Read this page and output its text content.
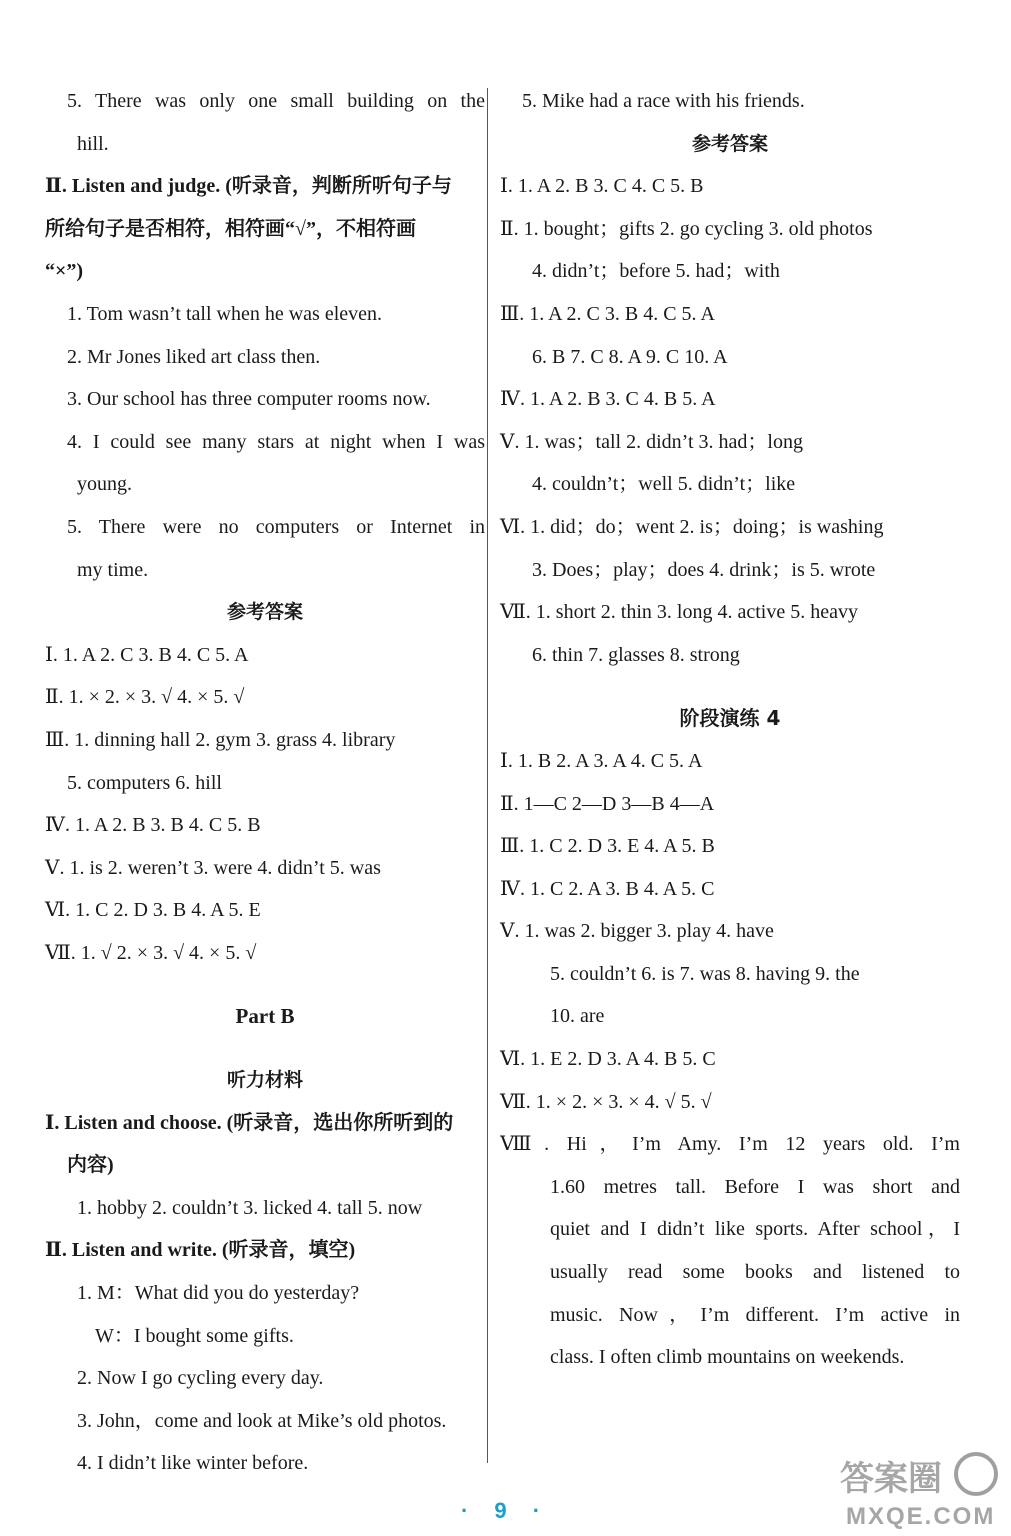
5. There was only one small building on the
hill.
Ⅱ. Listen and judge. (听录音，判断所听句子与
所给句子是否相符，相符画“√”，不相符画
“×”)
1. Tom wasn’t tall when he was eleven.
2. Mr Jones liked art class then.
3. Our school has three computer rooms now.
4. I could see many stars at night when I was
young.
5. There were no computers or Internet in
my time.
参考答案
Ⅰ. 1. A 2. C 3. B 4. C 5. A
Ⅱ. 1. × 2. × 3. √ 4. × 5. √
Ⅲ. 1. dinning hall 2. gym 3. grass 4. library
5. computers 6. hill
Ⅳ. 1. A 2. B 3. B 4. C 5. B
Ⅴ. 1. is 2. weren’t 3. were 4. didn’t 5. was
Ⅵ. 1. C 2. D 3. B 4. A 5. E
Ⅶ. 1. √ 2. × 3. √ 4. × 5. √
Part B
听力材料
Ⅰ. Listen and choose. (听录音，选出你所听到的
内容)
1. hobby 2. couldn’t 3. licked 4. tall 5. now
Ⅱ. Listen and write. (听录音，填空)
1. M：What did you do yesterday?
W：I bought some gifts.
2. Now I go cycling every day.
3. John，come and look at Mike’s old photos.
4. I didn’t like winter before.
5. Mike had a race with his friends.
参考答案
Ⅰ. 1. A 2. B 3. C 4. C 5. B
Ⅱ. 1. bought；gifts 2. go cycling 3. old photos
4. didn’t；before 5. had；with
Ⅲ. 1. A 2. C 3. B 4. C 5. A
6. B 7. C 8. A 9. C 10. A
Ⅳ. 1. A 2. B 3. C 4. B 5. A
Ⅴ. 1. was；tall 2. didn’t 3. had；long
4. couldn’t；well 5. didn’t；like
Ⅵ. 1. did；do；went 2. is；doing；is washing
3. Does；play；does 4. drink；is 5. wrote
Ⅶ. 1. short 2. thin 3. long 4. active 5. heavy
6. thin 7. glasses 8. strong
阶段演练 4
Ⅰ. 1. B 2. A 3. A 4. C 5. A
Ⅱ. 1—C 2—D 3—B 4—A
Ⅲ. 1. C 2. D 3. E 4. A 5. B
Ⅳ. 1. C 2. A 3. B 4. A 5. C
Ⅴ. 1. was 2. bigger 3. play 4. have
5. couldn’t 6. is 7. was 8. having 9. the
10. are
Ⅵ. 1. E 2. D 3. A 4. B 5. C
Ⅶ. 1. × 2. × 3. × 4. √ 5. √
Ⅷ. Hi，I’m Amy. I’m 12 years old. I’m
1.60 metres tall. Before I was short and
quiet and I didn’t like sports. After school，I
usually read some books and listened to
music. Now，I’m different. I’m active in
class. I often climb mountains on weekends.
· 9 ·
答案圈
MXQE.COM
